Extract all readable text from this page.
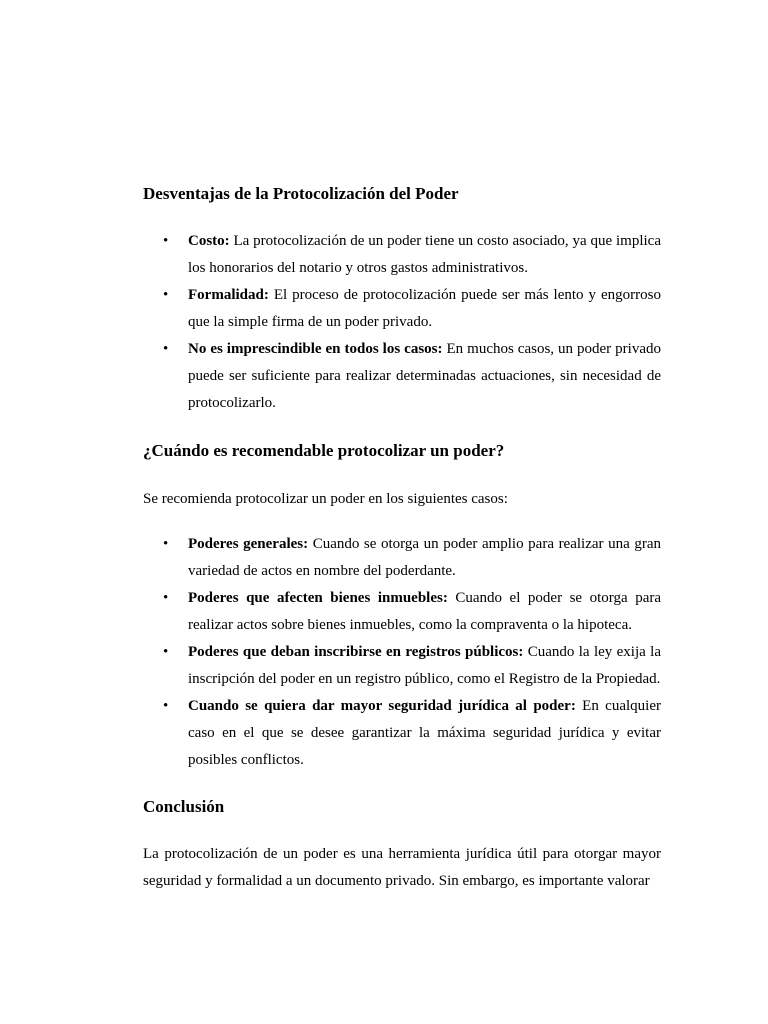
Desventajas de la Protocolización del Poder
• Costo: La protocolización de un poder tiene un costo asociado, ya que implica los honorarios del notario y otros gastos administrativos.
• Formalidad: El proceso de protocolización puede ser más lento y engorroso que la simple firma de un poder privado.
• No es imprescindible en todos los casos: En muchos casos, un poder privado puede ser suficiente para realizar determinadas actuaciones, sin necesidad de protocolizarlo.
¿Cuándo es recomendable protocolizar un poder?

Se recomienda protocolizar un poder en los siguientes casos:

• Poderes generales: Cuando se otorga un poder amplio para realizar una gran variedad de actos en nombre del poderdante.
• Poderes que afecten bienes inmuebles: Cuando el poder se otorga para realizar actos sobre bienes inmuebles, como la compraventa o la hipoteca.
• Poderes que deban inscribirse en registros públicos: Cuando la ley exija la inscripción del poder en un registro público, como el Registro de la Propiedad.
• Cuando se quiera dar mayor seguridad jurídica al poder: En cualquier caso en el que se desee garantizar la máxima seguridad jurídica y evitar posibles conflictos.
Conclusión

La protocolización de un poder es una herramienta jurídica útil para otorgar mayor seguridad y formalidad a un documento privado. Sin embargo, es importante valorar
